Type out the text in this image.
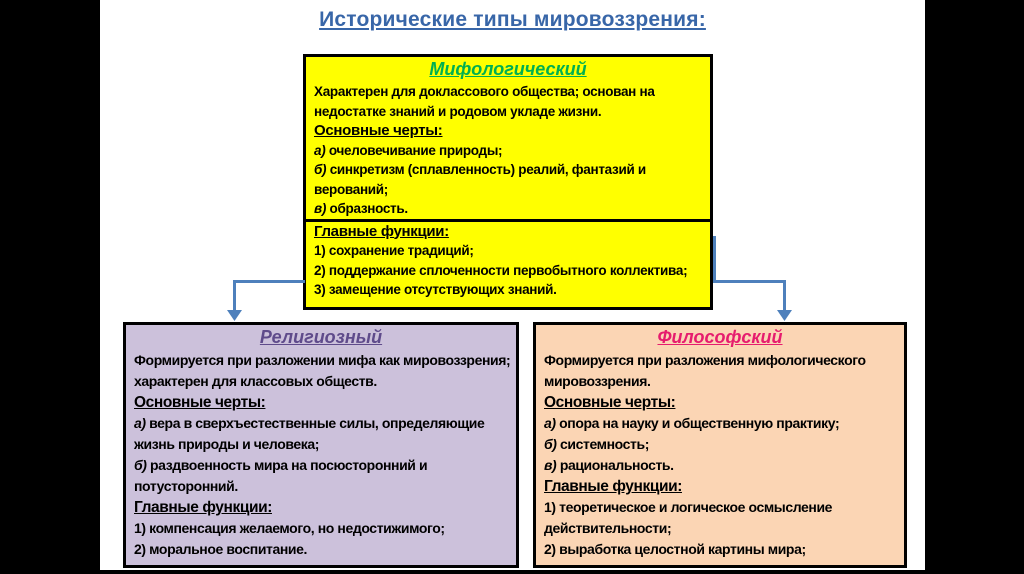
Исторические типы мировоззрения:
Мифологический
Характерен для доклассового общества; основан на
недостатке знаний и родовом укладе жизни.
Основные черты:
а) очеловечивание природы;
б) синкретизм (сплавленность) реалий, фантазий и
верований;
в) образность.
Главные функции:
1) сохранение традиций;
2) поддержание сплоченности первобытного коллектива;
3) замещение отсутствующих знаний.
Религиозный
Формируется при разложении мифа как мировоззрения;
характерен для классовых обществ.
Основные черты:
а) вера в сверхъестественные силы, определяющие
жизнь природы и человека;
б) раздвоенность мира на посюсторонний и
потусторонний.
Главные функции:
1) компенсация желаемого, но недостижимого;
2) моральное воспитание.
Философский
Формируется при разложения мифологического
мировоззрения.
Основные черты:
а) опора на науку и общественную практику;
б) системность;
в) рациональность.
Главные функции:
1) теоретическое и логическое осмысление
действительности;
2) выработка целостной картины мира;
